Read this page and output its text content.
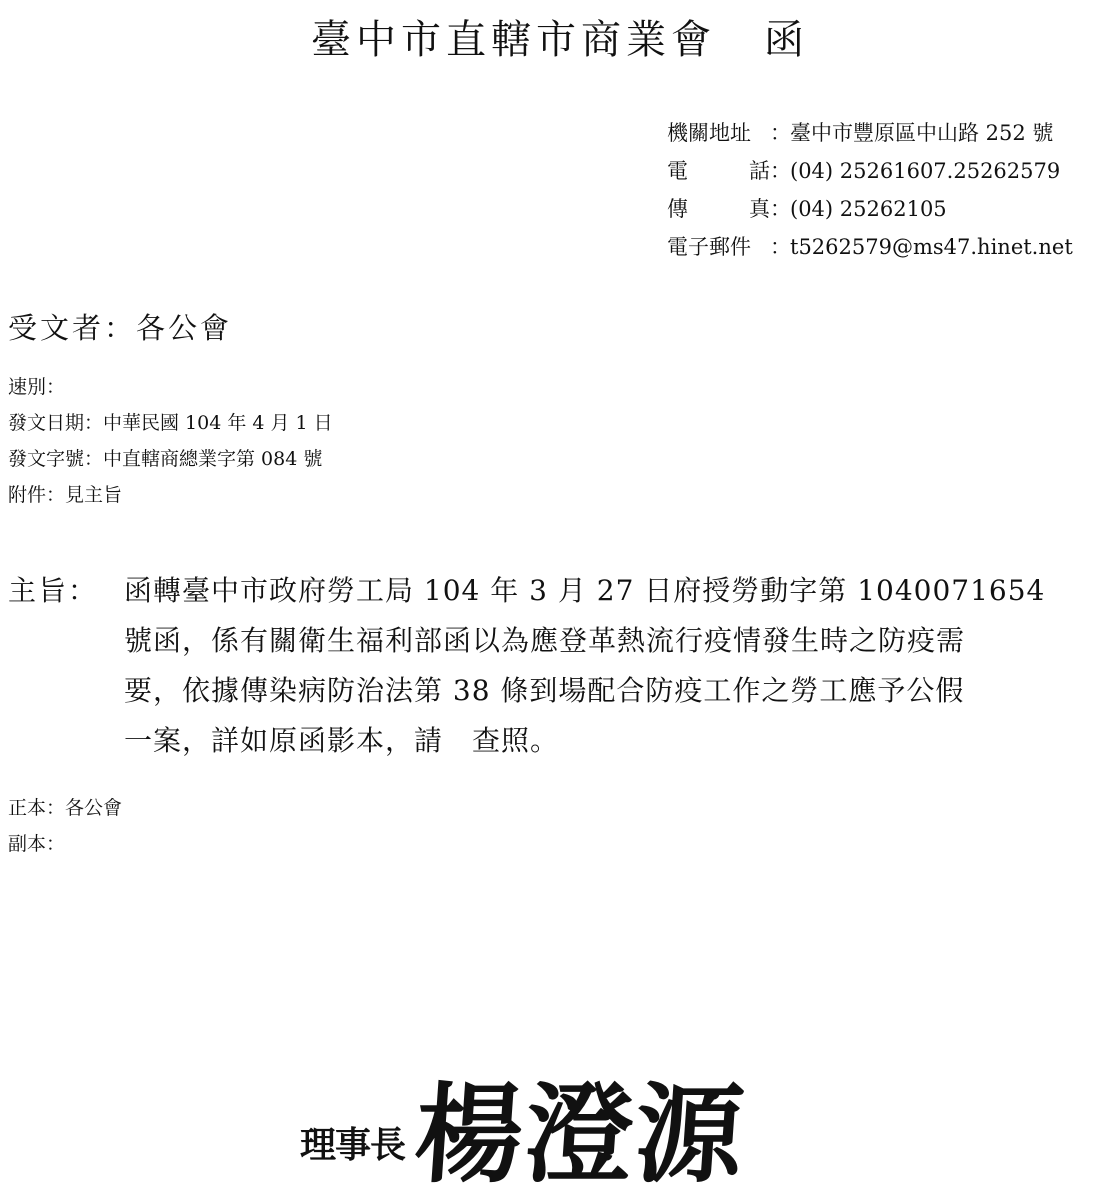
臺中市直轄市商業會 函
機關地址 ： 臺中市豐原區中山路 252 號
電	話 ： (04) 25261607.25262579
傳	真 ： (04) 25262105
電子郵件 ： t5262579@ms47.hinet.net
受文者：各公會
速別：
發文日期：中華民國 104 年 4 月 1 日
發文字號：中直轄商總業字第 084 號
附件：見主旨
主旨： 函轉臺中市政府勞工局 104 年 3 月 27 日府授勞動字第 1040071654
號函，係有關衛生福利部函以為應登革熱流行疫情發生時之防疫需
要，依據傳染病防治法第 38 條到場配合防疫工作之勞工應予公假
一案，詳如原函影本，請　查照。
正本：各公會
副本：
理事長 楊澄源
